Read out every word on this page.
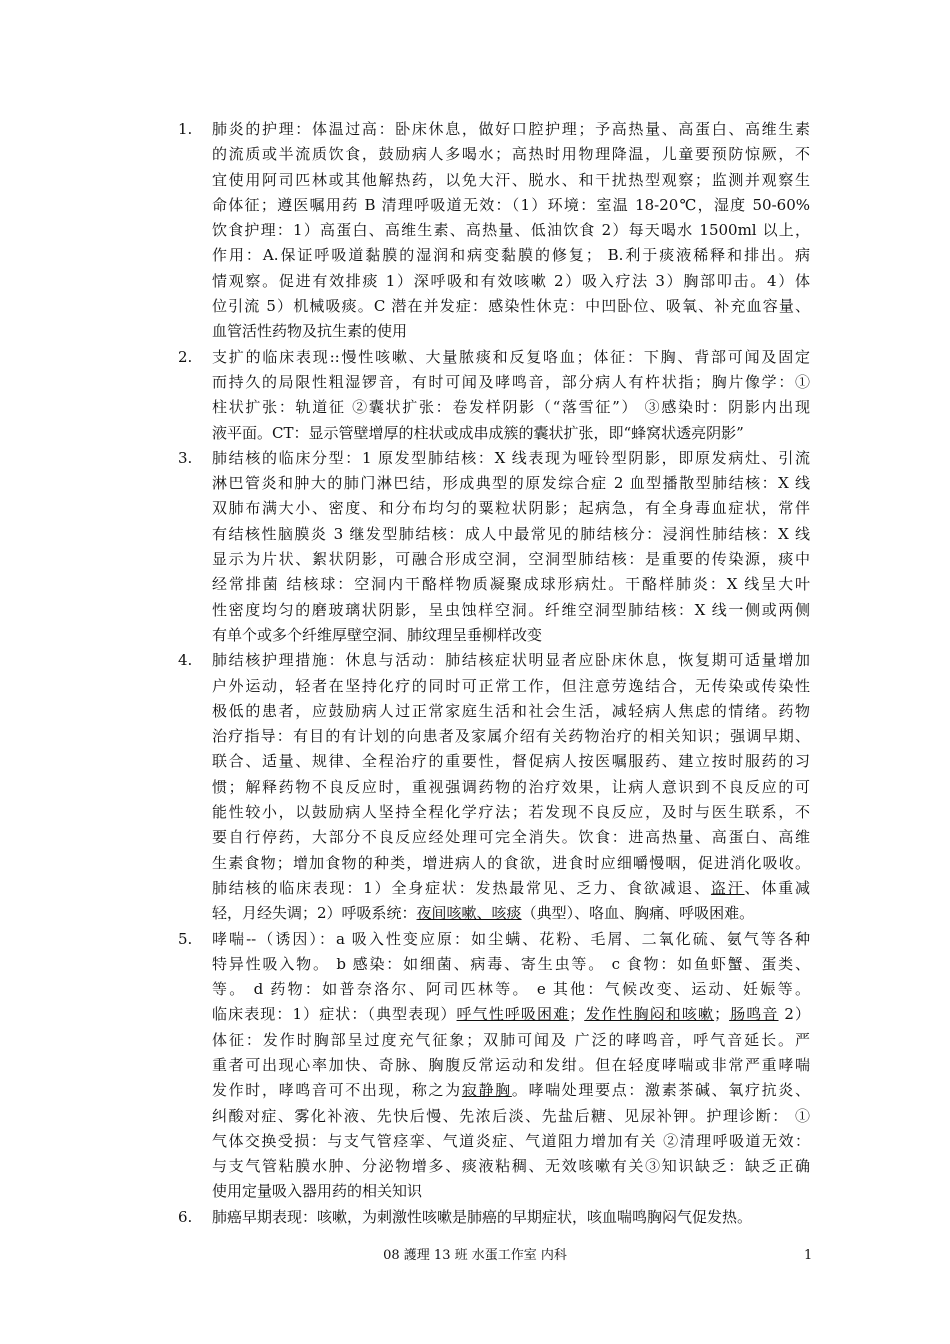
1. 肺炎的护理：体温过高：卧床休息，做好口腔护理；予高热量、高蛋白、高维生素
的流质或半流质饮食，鼓励病人多喝水；高热时用物理降温，儿童要预防惊厥，不
宜使用阿司匹林或其他解热药，以免大汗、脱水、和干扰热型观察；监测并观察生
命体征；遵医嘱用药 B 清理呼吸道无效：（1）环境：室温 18-20℃，湿度 50-60%
饮食护理：1）高蛋白、高维生素、高热量、低油饮食 2）每天喝水 1500ml 以上，
作用：A.保证呼吸道黏膜的湿润和病变黏膜的修复； B.利于痰液稀释和排出。病
情观察。促进有效排痰 1）深呼吸和有效咳嗽 2）吸入疗法 3）胸部叩击。4）体
位引流 5）机械吸痰。C 潜在并发症：感染性休克：中凹卧位、吸氧、补充血容量、
血管活性药物及抗生素的使用
2. 支扩的临床表现::慢性咳嗽、大量脓痰和反复咯血；体征：下胸、背部可闻及固定
而持久的局限性粗湿锣音，有时可闻及哮鸣音，部分病人有杵状指；胸片像学：①
柱状扩张：轨道征 ②囊状扩张：卷发样阴影（“落雪征”） ③感染时：阴影内出现
液平面。CT：显示管壁增厚的柱状或成串成簇的囊状扩张，即“蜂窝状透亮阴影”
3. 肺结核的临床分型：1 原发型肺结核：X 线表现为哑铃型阴影，即原发病灶、引流
淋巴管炎和肿大的肺门淋巴结，形成典型的原发综合症 2 血型播散型肺结核：X 线
双肺布满大小、密度、和分布均匀的粟粒状阴影；起病急，有全身毒血症状，常伴
有结核性脑膜炎 3 继发型肺结核：成人中最常见的肺结核分：浸润性肺结核：X 线
显示为片状、絮状阴影，可融合形成空洞，空洞型肺结核：是重要的传染源，痰中
经常排菌 结核球：空洞内干酪样物质凝聚成球形病灶。干酪样肺炎：X 线呈大叶
性密度均匀的磨玻璃状阴影，呈虫蚀样空洞。纤维空洞型肺结核：X 线一侧或两侧
有单个或多个纤维厚壁空洞、肺纹理呈垂柳样改变
4. 肺结核护理措施：休息与活动：肺结核症状明显者应卧床休息，恢复期可适量增加
户外运动，轻者在坚持化疗的同时可正常工作，但注意劳逸结合，无传染或传染性
极低的患者，应鼓励病人过正常家庭生活和社会生活，减轻病人焦虑的情绪。药物
治疗指导：有目的有计划的向患者及家属介绍有关药物治疗的相关知识；强调早期、
联合、适量、规律、全程治疗的重要性，督促病人按医嘱服药、建立按时服药的习
惯；解释药物不良反应时，重视强调药物的治疗效果，让病人意识到不良反应的可
能性较小，以鼓励病人坚持全程化学疗法；若发现不良反应，及时与医生联系，不
要自行停药，大部分不良反应经处理可完全消失。饮食：进高热量、高蛋白、高维
生素食物；增加食物的种类，增进病人的食欲，进食时应细嚼慢咽，促进消化吸收。
肺结核的临床表现：1）全身症状：发热最常见、乏力、食欲减退、盗汗、体重减
轻，月经失调；2）呼吸系统：夜间咳嗽、咳痰（典型）、咯血、胸痛、呼吸困难。
5. 哮喘--（诱因）：a 吸入性变应原：如尘螨、花粉、毛屑、二氧化硫、氨气等各种
特异性吸入物。 b 感染：如细菌、病毒、寄生虫等。 c 食物：如鱼虾蟹、蛋类、
等。 d 药物：如普奈洛尔、阿司匹林等。 e 其他：气候改变、运动、妊娠等。
临床表现：1）症状：（典型表现）呼气性呼吸困难；发作性胸闷和咳嗽；肠鸣音 2）
体征：发作时胸部呈过度充气征象；双肺可闻及 广泛的哮鸣音，呼气音延长。严
重者可出现心率加快、奇脉、胸腹反常运动和发绀。但在轻度哮喘或非常严重哮喘
发作时，哮鸣音可不出现，称之为寂静胸。哮喘处理要点：激素茶碱、氧疗抗炎、
纠酸对症、雾化补液、先快后慢、先浓后淡、先盐后糖、见尿补钾。护理诊断： ①
气体交换受损：与支气管痉挛、气道炎症、气道阻力增加有关 ②清理呼吸道无效：
与支气管粘膜水肿、分泌物增多、痰液粘稠、无效咳嗽有关③知识缺乏：缺乏正确
使用定量吸入器用药的相关知识
6. 肺癌早期表现：咳嗽，为刺激性咳嗽是肺癌的早期症状，咳血喘鸣胸闷气促发热。
08 護理 13 班 水蛋工作室 内科	1
